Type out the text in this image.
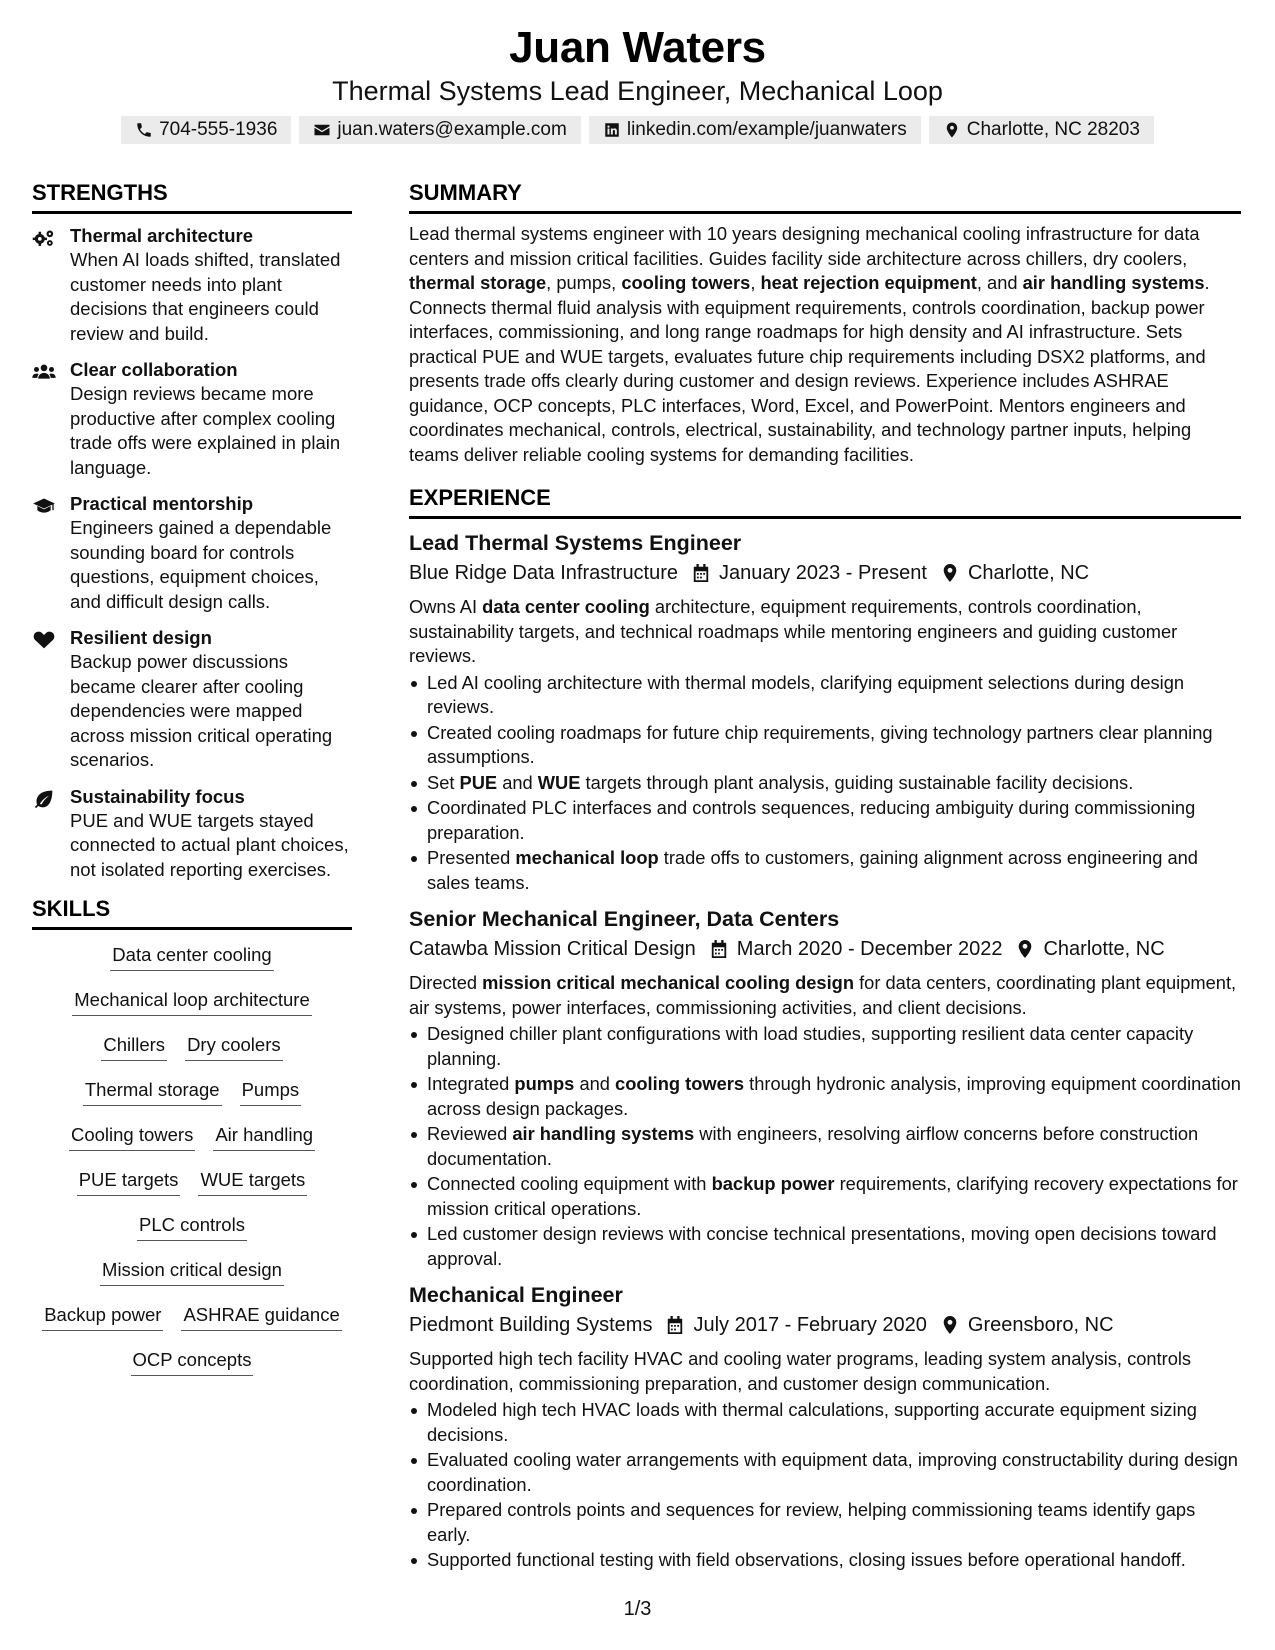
Juan Waters
Thermal Systems Lead Engineer, Mechanical Loop
704-555-1936	juan.waters@example.com	linkedin.com/example/juanwaters	Charlotte, NC 28203
STRENGTHS
Thermal architecture
When AI loads shifted, translated customer needs into plant decisions that engineers could review and build.
Clear collaboration
Design reviews became more productive after complex cooling trade offs were explained in plain language.
Practical mentorship
Engineers gained a dependable sounding board for controls questions, equipment choices, and difficult design calls.
Resilient design
Backup power discussions became clearer after cooling dependencies were mapped across mission critical operating scenarios.
Sustainability focus
PUE and WUE targets stayed connected to actual plant choices, not isolated reporting exercises.
SKILLS
Data center cooling
Mechanical loop architecture
Chillers Dry coolers
Thermal storage Pumps
Cooling towers Air handling
PUE targets WUE targets
PLC controls
Mission critical design
Backup power ASHRAE guidance
OCP concepts
SUMMARY
Lead thermal systems engineer with 10 years designing mechanical cooling infrastructure for data centers and mission critical facilities. Guides facility side architecture across chillers, dry coolers, thermal storage, pumps, cooling towers, heat rejection equipment, and air handling systems. Connects thermal fluid analysis with equipment requirements, controls coordination, backup power interfaces, commissioning, and long range roadmaps for high density and AI infrastructure. Sets practical PUE and WUE targets, evaluates future chip requirements including DSX2 platforms, and presents trade offs clearly during customer and design reviews. Experience includes ASHRAE guidance, OCP concepts, PLC interfaces, Word, Excel, and PowerPoint. Mentors engineers and coordinates mechanical, controls, electrical, sustainability, and technology partner inputs, helping teams deliver reliable cooling systems for demanding facilities.
EXPERIENCE
Lead Thermal Systems Engineer
Blue Ridge Data Infrastructure January 2023 - Present Charlotte, NC
Owns AI data center cooling architecture, equipment requirements, controls coordination, sustainability targets, and technical roadmaps while mentoring engineers and guiding customer reviews.
Led AI cooling architecture with thermal models, clarifying equipment selections during design reviews.
Created cooling roadmaps for future chip requirements, giving technology partners clear planning assumptions.
Set PUE and WUE targets through plant analysis, guiding sustainable facility decisions.
Coordinated PLC interfaces and controls sequences, reducing ambiguity during commissioning preparation.
Presented mechanical loop trade offs to customers, gaining alignment across engineering and sales teams.
Senior Mechanical Engineer, Data Centers
Catawba Mission Critical Design March 2020 - December 2022 Charlotte, NC
Directed mission critical mechanical cooling design for data centers, coordinating plant equipment, air systems, power interfaces, commissioning activities, and client decisions.
Designed chiller plant configurations with load studies, supporting resilient data center capacity planning.
Integrated pumps and cooling towers through hydronic analysis, improving equipment coordination across design packages.
Reviewed air handling systems with engineers, resolving airflow concerns before construction documentation.
Connected cooling equipment with backup power requirements, clarifying recovery expectations for mission critical operations.
Led customer design reviews with concise technical presentations, moving open decisions toward approval.
Mechanical Engineer
Piedmont Building Systems July 2017 - February 2020 Greensboro, NC
Supported high tech facility HVAC and cooling water programs, leading system analysis, controls coordination, commissioning preparation, and customer design communication.
Modeled high tech HVAC loads with thermal calculations, supporting accurate equipment sizing decisions.
Evaluated cooling water arrangements with equipment data, improving constructability during design coordination.
Prepared controls points and sequences for review, helping commissioning teams identify gaps early.
Supported functional testing with field observations, closing issues before operational handoff.
1/3
